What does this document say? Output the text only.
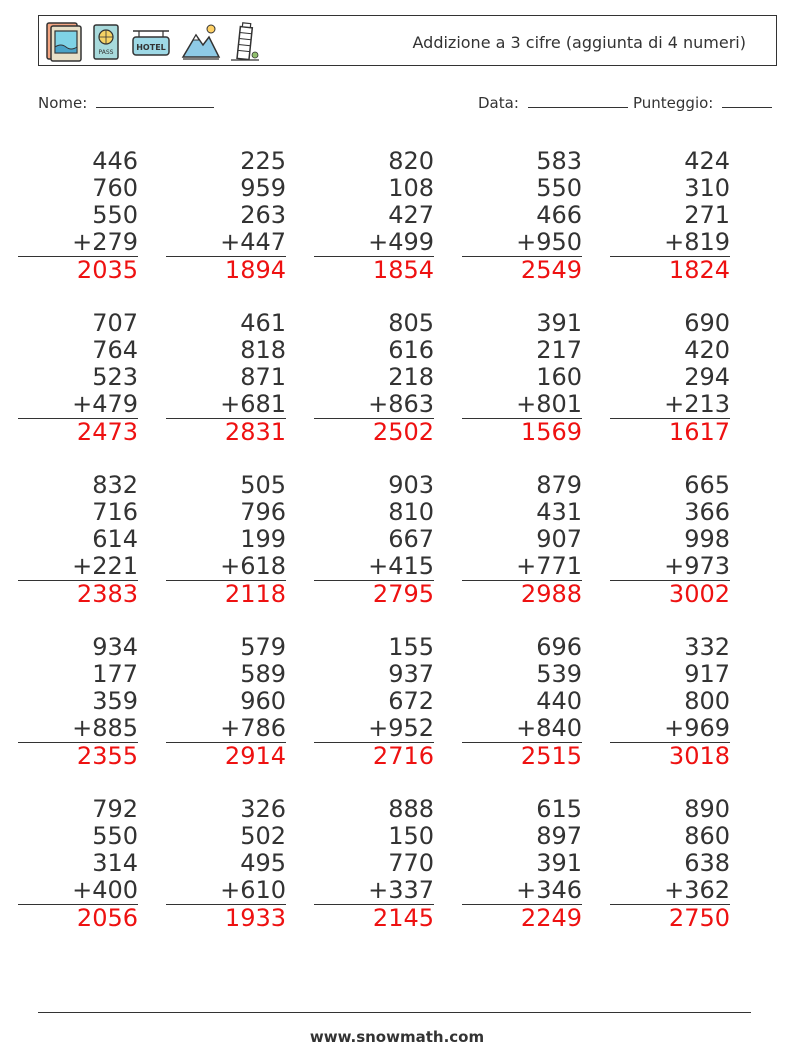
PASS
HOTEL	Addizione a 3 cifre (aggiunta di 4 numeri)
Nome:	Data:	Punteggio:
446
760
550
+279
2035
225
959
263
+447
1894
820
108
427
+499
1854
583
550
466
+950
2549
424
310
271
+819
1824
707
764
523
+479
2473
461
818
871
+681
2831
805
616
218
+863
2502
391
217
160
+801
1569
690
420
294
+213
1617
832
716
614
+221
2383
505
796
199
+618
2118
903
810
667
+415
2795
879
431
907
+771
2988
665
366
998
+973
3002
934
177
359
+885
2355
579
589
960
+786
2914
155
937
672
+952
2716
696
539
440
+840
2515
332
917
800
+969
3018
792
550
314
+400
2056
326
502
495
+610
1933
888
150
770
+337
2145
615
897
391
+346
2249
890
860
638
+362
2750
www.snowmath.com
